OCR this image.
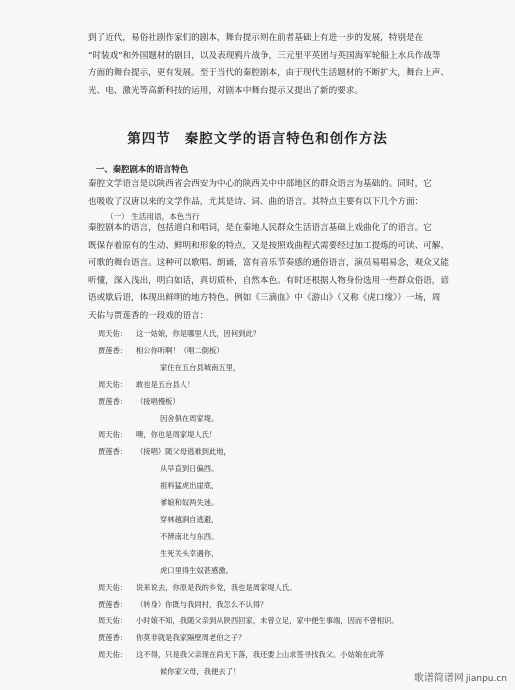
到了近代，易俗社剧作家们的剧本，舞台提示则在前者基础上有进一步的发展，特别是在
“时装戏”和外国题材的剧目，以及表现鸦片战争，三元里平英团与英国海军轮船上水兵作战等
方面的舞台提示，更有发展。至于当代的秦腔剧本，由于现代生活题材的不断扩大，舞台上声、
光、电、激光等高新科技的运用，对剧本中舞台提示又提出了新的要求。
第四节 秦腔文学的语言特色和创作方法
一、秦腔剧本的语言特色
秦腔文学语言是以陕西省会西安为中心的陕西关中中部地区的群众语言为基础的。同时，它
也吸收了汉唐以来的文学作品，尤其是诗、词、曲的语言。其特点主要有以下几个方面：
（一） 生活用语，本色当行
秦腔剧本的语言，包括道白和唱词，是在秦地人民群众生活语言基础上戏曲化了的语言。它
既保存着原有的生动、鲜明和形象的特点，又是按照戏曲程式需要经过加工提炼的可读、可解、
可歌的舞台语言。这种可以歌唱、朗诵，富有音乐节奏感的通俗语言，演员易唱易念，观众又能
听懂，深入浅出，明白如话，真切质朴，自然本色。有时还根据人物身份选用一些群众俗语，谚
语或歇后语，体现出鲜明的地方特色。例如《三滴血》中《游山》（又称《虎口缘》）一场，周
天佑与贾莲香的一段戏的语言：
周天佑： 这一姑娘，你是哪里人氏，因何到此？
贾莲香： 相公你听啊！（唱二倒板）
家住在五台县城南五里，
周天佑： 敢也是五台县人！
贾莲香： （接唱慢板）
因舍俱在周家堤。
周天佑： 噢，你也是周家堤人氏！
贾莲香： （接唱）随父母逃难到此地，
从早直到日偏西。
祖料猛虎出崖底，
爹娘和奴两失迷。
穿林越涧自逃避，
不辨南北与东西。
生死关头幸遇你，
虎口里得生奴甚感激。
周天佑： 说来说去，你原是我的乡党，我也是周家堤人氏。
贾莲香： （转身）你既与我同村，我怎么不认得？
周天佑： 小时娘不知，我随父亲到从陕西回家，未曾立足，家中便生事端，因而不曾相识。
贾莲香： 你莫非就是我家隔壁周老伯之子？
周天佑： 这不得，只是我父亲现在尚无下落，我还要上山求签寻找我父。小姑娘在此等
候你家父母，我便去了！
歌谱简谱网 jianpu.cn
